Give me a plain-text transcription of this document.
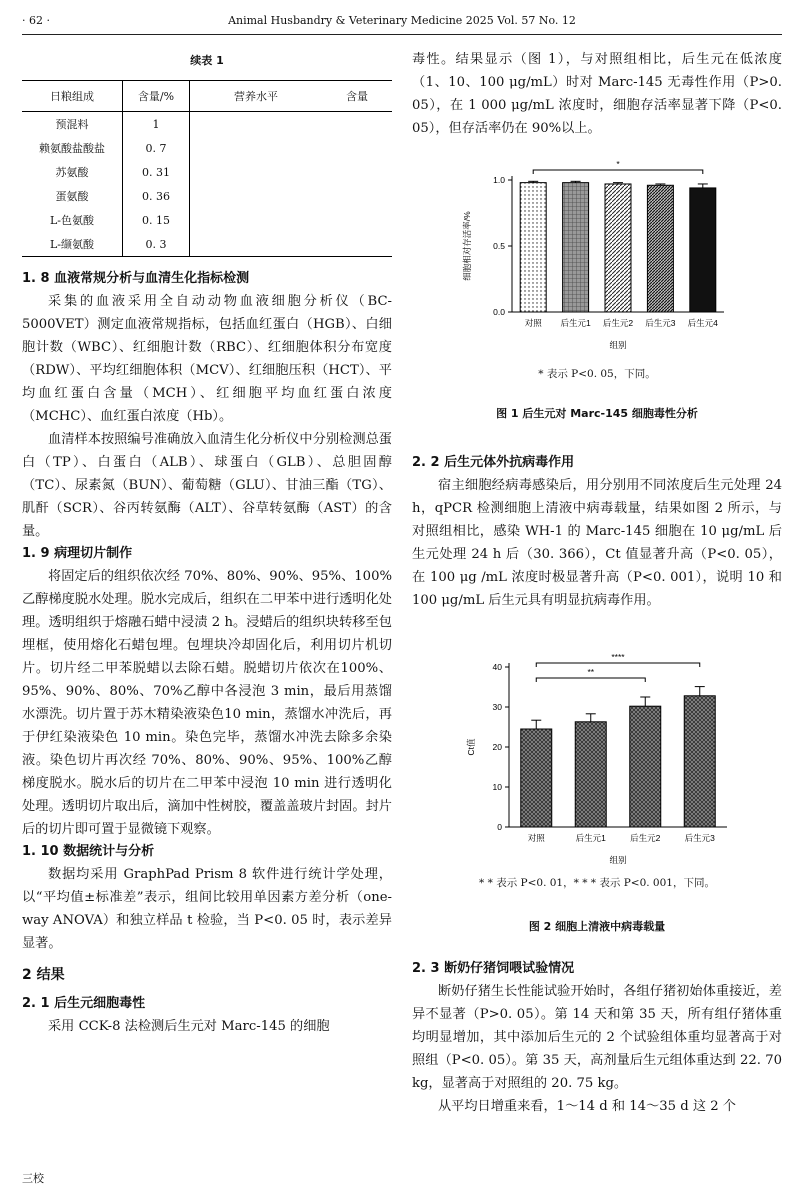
· 62 ·	Animal Husbandry & Veterinary Medicine 2025 Vol. 57 No. 12
续表 1
日粮组成	含量/%	营养水平	含量
预混料	1		
赖氨酸盐酸盐	0. 7		
苏氨酸	0. 31		
蛋氨酸	0. 36		
L-色氨酸	0. 15		
L-缬氨酸	0. 3		

1. 8 血液常规分析与血清生化指标检测

采集的血液采用全自动动物血液细胞分析仪（BC-5000VET）测定血液常规指标，包括血红蛋白（HGB）、白细胞计数（WBC）、红细胞计数（RBC）、红细胞体积分布宽度（RDW）、平均红细胞体积（MCV）、红细胞压积（HCT）、平均血红蛋白含量（MCH）、红细胞平均血红蛋白浓度（MCHC）、血红蛋白浓度（Hb）。

血清样本按照编号准确放入血清生化分析仪中分别检测总蛋白（TP）、白蛋白（ALB）、球蛋白（GLB）、总胆固醇（TC）、尿素氮（BUN）、葡萄糖（GLU）、甘油三酯（TG）、肌酐（SCR）、谷丙转氨酶（ALT）、谷草转氨酶（AST）的含量。

1. 9 病理切片制作

将固定后的组织依次经 70%、80%、90%、95%、100%乙醇梯度脱水处理。脱水完成后，组织在二甲苯中进行透明化处理。透明组织于熔融石蜡中浸渍 2 h。浸蜡后的组织块转移至包埋框，使用熔化石蜡包埋。包埋块冷却固化后，利用切片机切片。切片经二甲苯脱蜡以去除石蜡。脱蜡切片依次在100%、95%、90%、80%、70%乙醇中各浸泡 3 min，最后用蒸馏水漂洗。切片置于苏木精染液染色10 min，蒸馏水冲洗后，再于伊红染液染色 10 min。染色完毕，蒸馏水冲洗去除多余染液。染色切片再次经 70%、80%、90%、95%、100%乙醇梯度脱水。脱水后的切片在二甲苯中浸泡 10 min 进行透明化处理。透明切片取出后，滴加中性树胶，覆盖盖玻片封固。封片后的切片即可置于显微镜下观察。

1. 10 数据统计与分析

数据均采用 GraphPad Prism 8 软件进行统计学处理，以“平均值±标准差”表示，组间比较用单因素方差分析（one-way ANOVA）和独立样品 t 检验，当 P<0. 05 时，表示差异显著。

2 结果

2. 1 后生元细胞毒性

采用 CCK-8 法检测后生元对 Marc-145 的细胞

毒性。结果显示（图 1），与对照组相比，后生元在低浓度（1、10、100 μg/mL）时对 Marc-145 无毒性作用（P>0. 05），在 1 000 μg/mL 浓度时，细胞存活率显著下降（P<0. 05），但存活率仍在 90%以上。

0.0
0.5
1.0
细胞相对存活率/%
组别
对照 后生元1 后生元2 后生元3 后生元4
*
* 表示 P<0. 05，下同。
图 1 后生元对 Marc-145 细胞毒性分析

2. 2 后生元体外抗病毒作用

宿主细胞经病毒感染后，用分别用不同浓度后生元处理 24 h，qPCR 检测细胞上清液中病毒载量，结果如图 2 所示，与对照组相比，感染 WH-1 的 Marc-145 细胞在 10 μg/mL 后生元处理 24 h 后（30. 366），Ct 值显著升高（P<0. 05），在 100 μg /mL 浓度时极显著升高（P<0. 001），说明 10 和 100 μg/mL 后生元具有明显抗病毒作用。

0
10
20
30
40
Ct值
组别
对照	后生元1	后生元2	后生元3
**
****
* * 表示 P<0. 01，* * * 表示 P<0. 001，下同。
图 2 细胞上清液中病毒载量

2. 3 断奶仔猪饲喂试验情况

断奶仔猪生长性能试验开始时，各组仔猪初始体重接近，差异不显著（P>0. 05）。第 14 天和第 35 天，所有组仔猪体重均明显增加，其中添加后生元的 2 个试验组体重均显著高于对照组（P<0. 05）。第 35 天，高剂量后生元组体重达到 22. 70 kg，显著高于对照组的 20. 75 kg。

从平均日增重来看，1～14 d 和 14～35 d 这 2 个

三校
